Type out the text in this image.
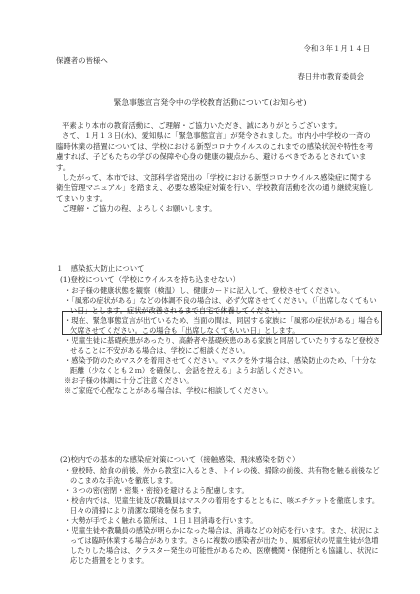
令和３年１月１４日
保護者の皆様へ
春日井市教育委員会
緊急事態宣言発令中の学校教育活動について(お知らせ)

平素より本市の教育活動に、ご理解・ご協力いただき、誠にありがとうございます。

さて、１月１３日(水)、愛知県に「緊急事態宣言」が発令されました。市内小中学校の一斉の臨時休業の措置については、学校における新型コロナウイルスのこれまでの感染状況や特性を考慮すれば、子どもたちの学びの保障や心身の健康の観点から、避けるべきであるとされています。

したがって、本市では、文部科学省発出の「学校における新型コロナウイルス感染症に関する衛生管理マニュアル」を踏まえ、必要な感染症対策を行い、学校教育活動を次の通り継続実施してまいります。

ご理解・ご協力の程、よろしくお願いします。

１　感染拡大防止について
(1)登校について（学校にウイルスを持ち込ませない）

・お子様の健康状態を観察（検温）し、健康カードに記入して、登校させてください。

・「風邪の症状がある」などの体調不良の場合は、必ず欠席させてください。（「出席しなくてもいい日」とします。症状が改善されるまで自宅で休養してください。

・現在、緊急事態宣言が出ているため、当面の間は、同居する家族に「風邪の症状がある」場合も欠席させてください。この場合も「出席しなくてもいい日」とします。

・児童生徒に基礎疾患があったり、高齢者や基礎疾患のある家族と同居していたりするなど登校させることに不安がある場合は、学校にご相談ください。

・感染予防のためマスクを着用させてください。マスクを外す場合は、感染防止のため、「十分な距離（少なくとも２ｍ）を確保し、会話を控える」ようお話しください。

※お子様の体調に十分ご注意ください。

※ご家庭で心配なことがある場合は、学校に相談してください。

(2)校内での基本的な感染症対策について（接触感染、飛沫感染を防ぐ）

・登校時、給食の前後、外から教室に入るとき、トイレの後、掃除の前後、共有物を触る前後などのこまめな手洗いを徹底します。

・３つの密(密閉・密集・密接)を避けるよう配慮します。

・校舎内では、児童生徒及び教職員はマスクの着用をするとともに、咳エチケットを徹底します。日々の清掃により清潔な環境を保ちます。

・大勢が手でよく触れる箇所は、１日１回消毒を行います。

・児童生徒や教職員の感染が明らかになった場合は、消毒などの対応を行います。また、状況によっては臨時休業する場合があります。さらに複数の感染者が出たり、風邪症状の児童生徒が急増したりした場合は、クラスター発生の可能性があるため、医療機関・保健所とも協議し、状況に応じた措置をとります。
